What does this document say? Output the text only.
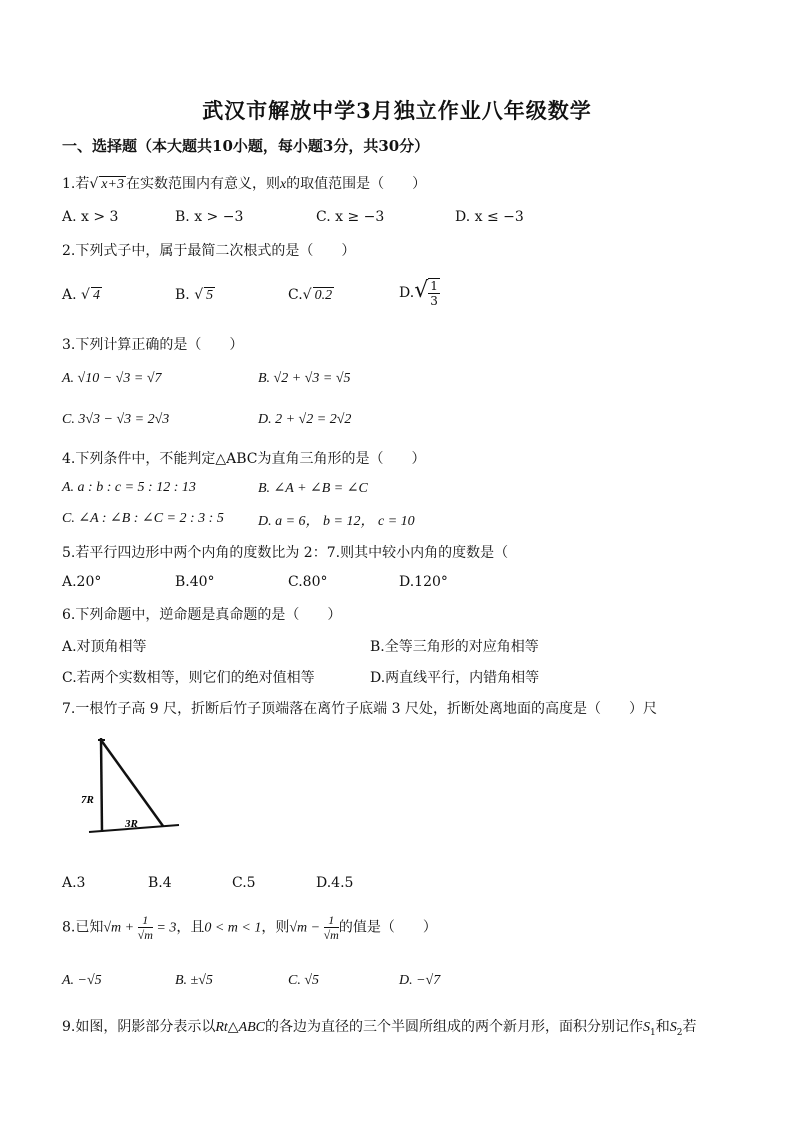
武汉市解放中学3月独立作业八年级数学
一、选择题（本大题共10小题，每小题3分，共30分）
1.若√ x+3 在实数范围内有意义，则x的取值范围是（　　）
A. x > 3	B. x > −3	C. x ≥ −3	D. x ≤ −3
2.下列式子中，属于最简二次根式的是（　　）
A. √ 4	B. √ 5	C.√ 0.2	$D.√ \frac{1}{3}$
3.下列计算正确的是（　　）
A. √10 − √3 = √7	B. √2 + √3 = √5
C. 3√3 − √3 = 2√3	D. 2 + √2 = 2√2
4.下列条件中，不能判定△ABC为直角三角形的是（　　）
A. a : b : c = 5 : 12 : 13	B. ∠A + ∠B = ∠C
C. ∠A : ∠B : ∠C = 2 : 3 : 5 D. a = 6， b = 12， c = 10
5.若平行四边形中两个内角的度数比为 2：7.则其中较小内角的度数是（
A.20°	B.40°	C.80°	D.120°
6.下列命题中，逆命题是真命题的是（　　）
A.对顶角相等	B.全等三角形的对应角相等
C.若两个实数相等，则它们的绝对值相等	D.两直线平行，内错角相等
7.一根竹子高 9 尺，折断后竹子顶端落在离竹子底端 3 尺处，折断处离地面的高度是（　　）尺
7R
3R
A.3	B.4	C.5	D.4.5
8.已知$√m + \frac{1}{√m} = 3$，且0 < m < 1，则$√m - \frac{1}{√m}$ 的值是（　　）
A. −√5	B. ±√5	C. √5	D. −√7
9.如图，阴影部分表示以Rt△ABC的各边为直径的三个半圆所组成的两个新月形，面积分别记作$S_1$和$S_2$若
